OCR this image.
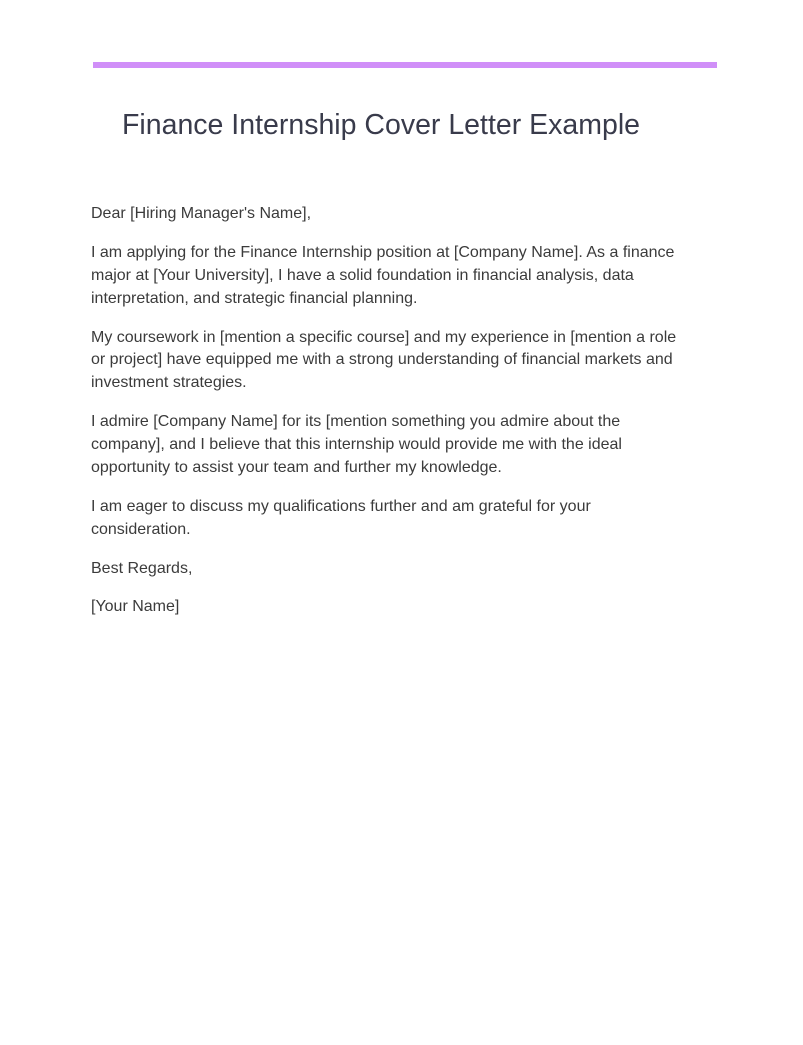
Finance Internship Cover Letter Example

Dear [Hiring Manager's Name],

I am applying for the Finance Internship position at [Company Name]. As a finance major at [Your University], I have a solid foundation in financial analysis, data interpretation, and strategic financial planning.

My coursework in [mention a specific course] and my experience in [mention a role or project] have equipped me with a strong understanding of financial markets and investment strategies.

I admire [Company Name] for its [mention something you admire about the company], and I believe that this internship would provide me with the ideal opportunity to assist your team and further my knowledge.

I am eager to discuss my qualifications further and am grateful for your consideration.

Best Regards,

[Your Name]
